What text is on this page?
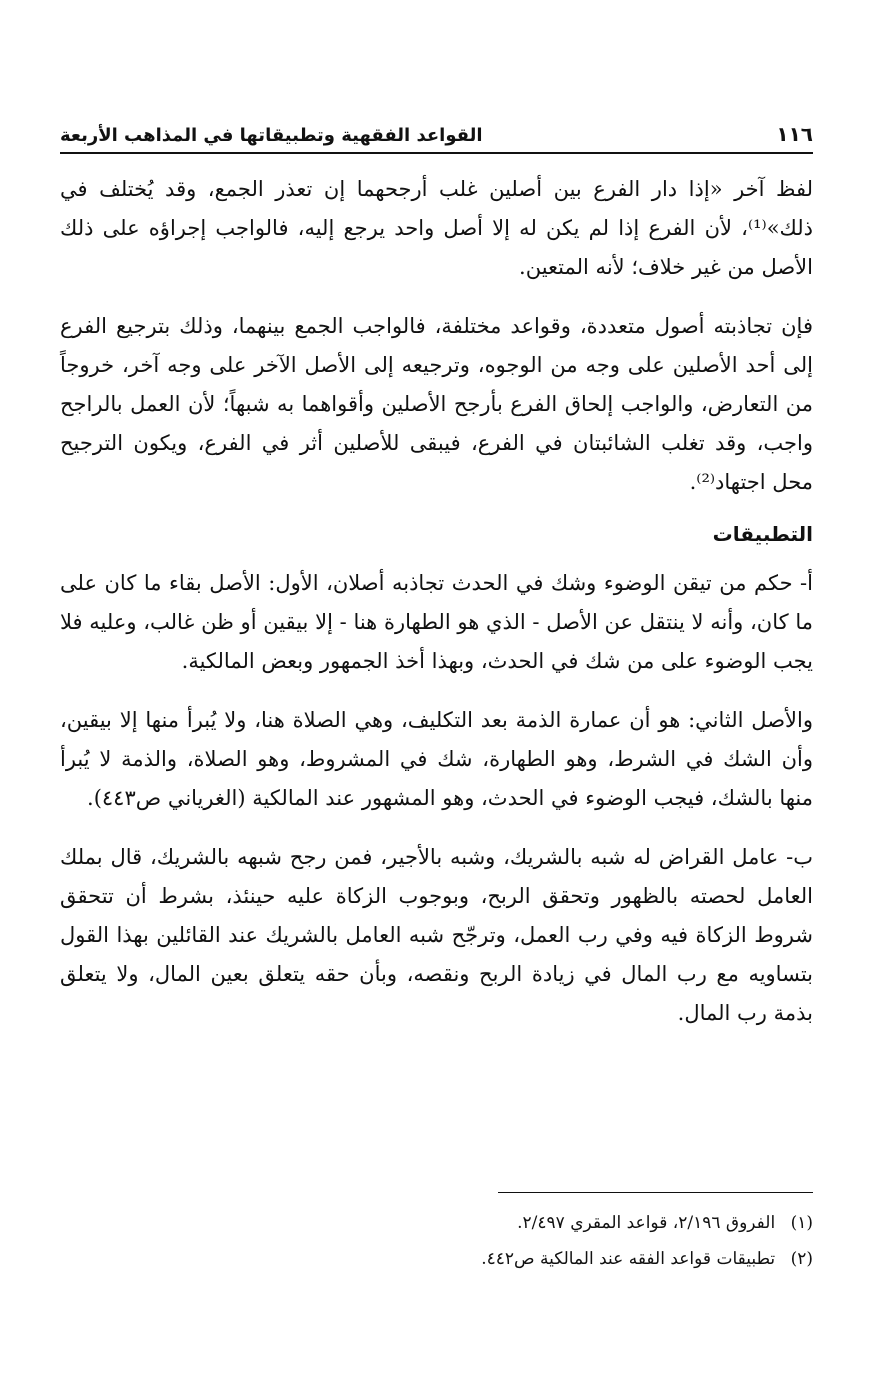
١١٦
القواعد الفقهية وتطبيقاتها في المذاهب الأربعة

لفظ آخر «إذا دار الفرع بين أصلين غلب أرجحهما إن تعذر الجمع، وقد يُختلف في ذلك»⁽¹⁾، لأن الفرع إذا لم يكن له إلا أصل واحد يرجع إليه، فالواجب إجراؤه على ذلك الأصل من غير خلاف؛ لأنه المتعين.

فإن تجاذبته أصول متعددة، وقواعد مختلفة، فالواجب الجمع بينهما، وذلك بترجيع الفرع إلى أحد الأصلين على وجه من الوجوه، وترجيعه إلى الأصل الآخر على وجه آخر، خروجاً من التعارض، والواجب إلحاق الفرع بأرجح الأصلين وأقواهما به شبهاً؛ لأن العمل بالراجح واجب، وقد تغلب الشائبتان في الفرع، فيبقى للأصلين أثر في الفرع، ويكون الترجيح محل اجتهاد⁽²⁾.

التطبيقات

أ- حكم من تيقن الوضوء وشك في الحدث تجاذبه أصلان، الأول: الأصل بقاء ما كان على ما كان، وأنه لا ينتقل عن الأصل - الذي هو الطهارة هنا - إلا بيقين أو ظن غالب، وعليه فلا يجب الوضوء على من شك في الحدث، وبهذا أخذ الجمهور وبعض المالكية.

والأصل الثاني: هو أن عمارة الذمة بعد التكليف، وهي الصلاة هنا، ولا يُبرأ منها إلا بيقين، وأن الشك في الشرط، وهو الطهارة، شك في المشروط، وهو الصلاة، والذمة لا يُبرأ منها بالشك، فيجب الوضوء في الحدث، وهو المشهور عند المالكية (الغرياني ص٤٤٣).

ب- عامل القراض له شبه بالشريك، وشبه بالأجير، فمن رجح شبهه بالشريك، قال بملك العامل لحصته بالظهور وتحقق الربح، وبوجوب الزكاة عليه حينئذ، بشرط أن تتحقق شروط الزكاة فيه وفي رب العمل، وترجّح شبه العامل بالشريك عند القائلين بهذا القول بتساويه مع رب المال في زيادة الربح ونقصه، وبأن حقه يتعلق بعين المال، ولا يتعلق بذمة رب المال.

(١) الفروق ٢/١٩٦، قواعد المقري ٢/٤٩٧.
(٢) تطبيقات قواعد الفقه عند المالكية ص٤٤٢.
